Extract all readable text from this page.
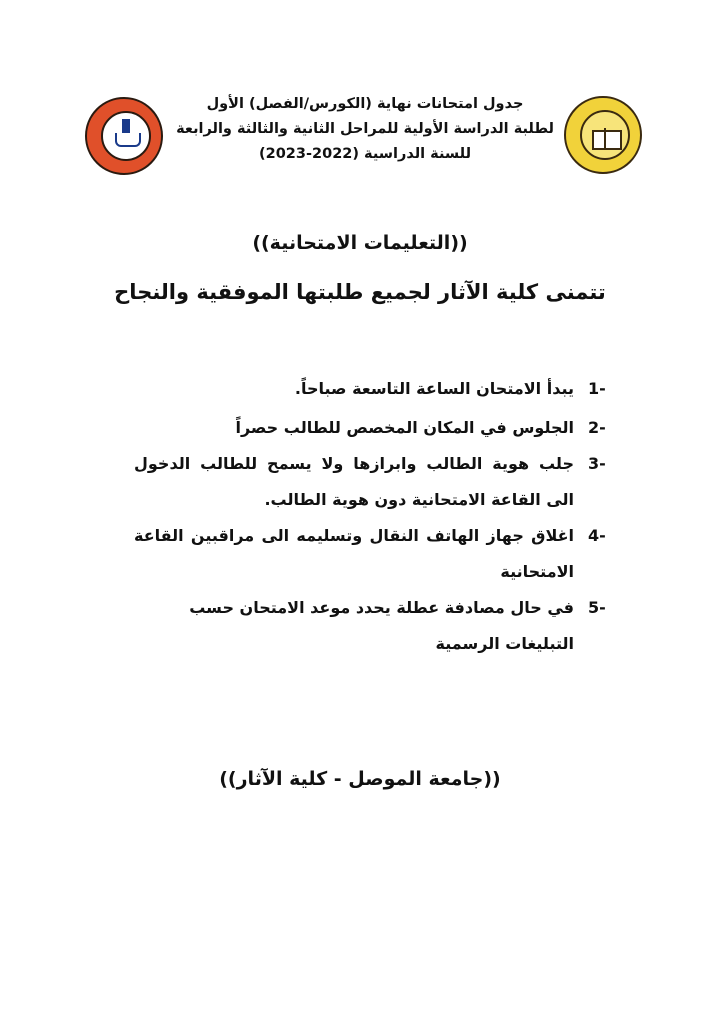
جدول امتحانات نهاية (الكورس/الفصل) الأول
لطلبة الدراسة الأولية للمراحل الثانية والثالثة والرابعة
للسنة الدراسية (2022-2023)
((التعليمات الامتحانية))
تتمنى كلية الآثار لجميع طلبتها الموفقية والنجاح
1-
يبدأ الامتحان الساعة التاسعة صباحاً.
2-
الجلوس في المكان المخصص للطالب حصراً
3-
جلب هوية الطالب وابرازها ولا يسمح للطالب الدخول الى القاعة الامتحانية دون هوية الطالب.
4-
اغلاق جهاز الهاتف النقال وتسليمه الى مراقبين القاعة الامتحانية
5-
في حال مصادفة عطلة يحدد موعد الامتحان حسب التبليغات الرسمية
((جامعة الموصل - كلية الآثار))
